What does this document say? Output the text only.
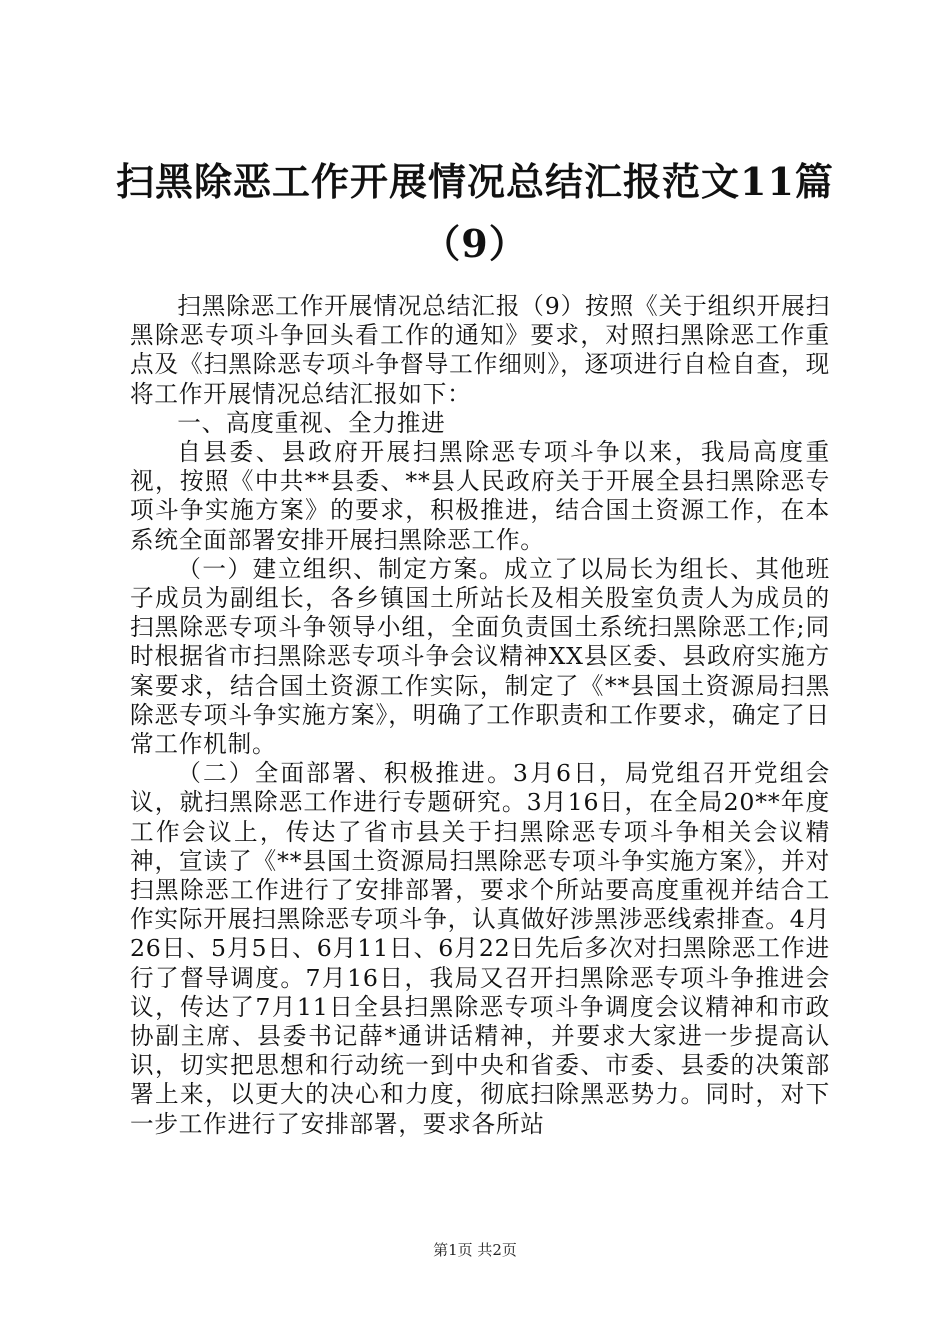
扫黑除恶工作开展情况总结汇报范文11篇
（9）

扫黑除恶工作开展情况总结汇报（9）按照《关于组织开展扫黑除恶专项斗争回头看工作的通知》要求，对照扫黑除恶工作重点及《扫黑除恶专项斗争督导工作细则》，逐项进行自检自查，现将工作开展情况总结汇报如下：

一、高度重视、全力推进

自县委、县政府开展扫黑除恶专项斗争以来，我局高度重视，按照《中共**县委、**县人民政府关于开展全县扫黑除恶专项斗争实施方案》的要求，积极推进，结合国土资源工作，在本系统全面部署安排开展扫黑除恶工作。

（一）建立组织、制定方案。成立了以局长为组长、其他班子成员为副组长，各乡镇国土所站长及相关股室负责人为成员的扫黑除恶专项斗争领导小组，全面负责国土系统扫黑除恶工作;同时根据省市扫黑除恶专项斗争会议精神XX县区委、县政府实施方案要求，结合国土资源工作实际，制定了《**县国土资源局扫黑除恶专项斗争实施方案》，明确了工作职责和工作要求，确定了日常工作机制。

（二）全面部署、积极推进。3月6日，局党组召开党组会议，就扫黑除恶工作进行专题研究。3月16日，在全局20**年度工作会议上，传达了省市县关于扫黑除恶专项斗争相关会议精神，宣读了《**县国土资源局扫黑除恶专项斗争实施方案》，并对扫黑除恶工作进行了安排部署，要求个所站要高度重视并结合工作实际开展扫黑除恶专项斗争，认真做好涉黑涉恶线索排查。4月26日、5月5日、6月11日、6月22日先后多次对扫黑除恶工作进行了督导调度。7月16日，我局又召开扫黑除恶专项斗争推进会议，传达了7月11日全县扫黑除恶专项斗争调度会议精神和市政协副主席、县委书记薛*通讲话精神，并要求大家进一步提高认识，切实把思想和行动统一到中央和省委、市委、县委的决策部署上来，以更大的决心和力度，彻底扫除黑恶势力。同时，对下一步工作进行了安排部署，要求各所站

第1页 共2页
